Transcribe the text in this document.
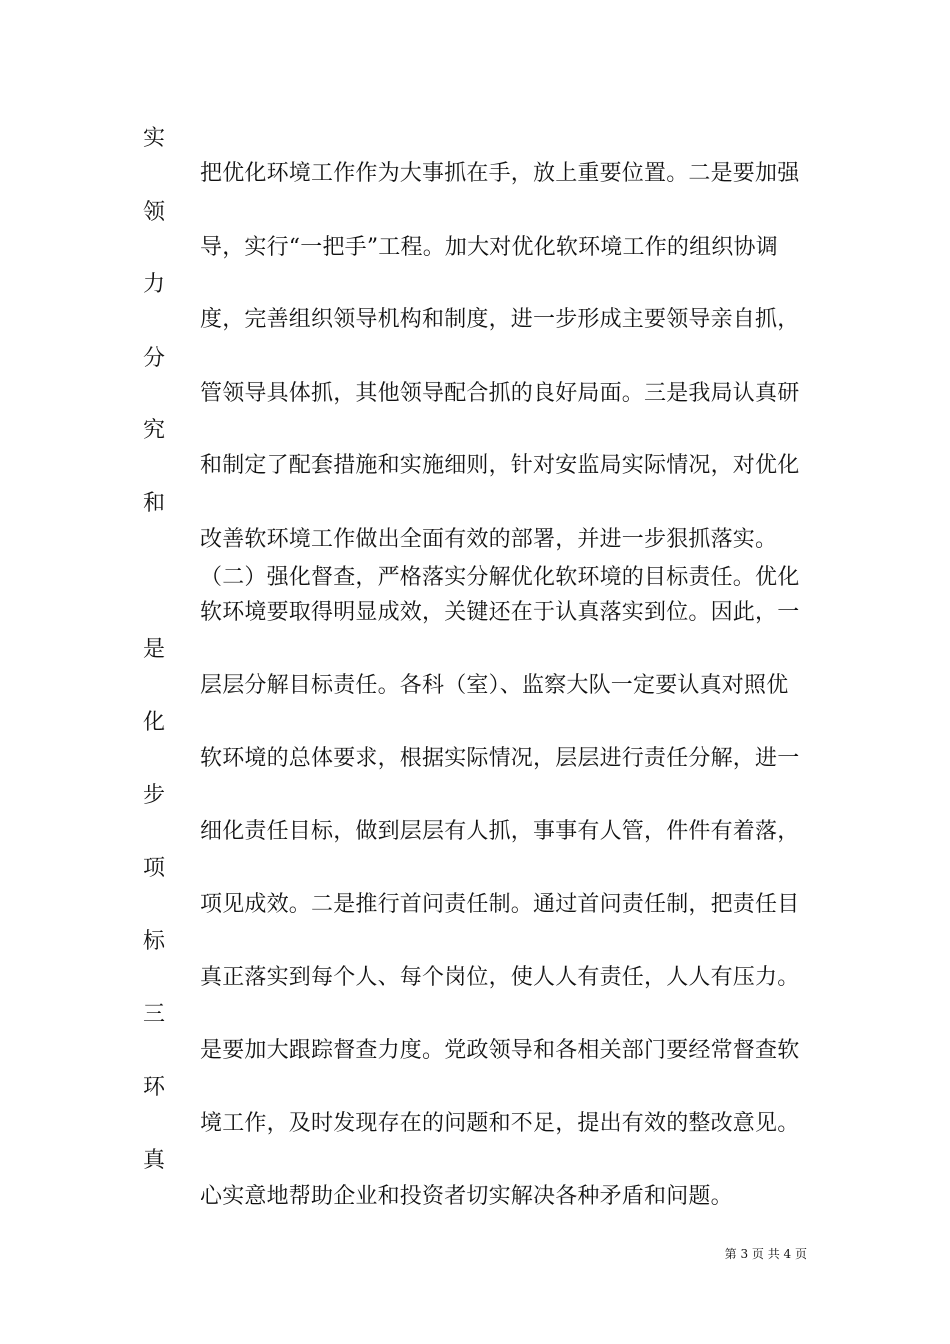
实
领
力
分
究
和
是
化
步
项
标
三
环
真
把优化环境工作作为大事抓在手，放上重要位置。二是要加强
导，实行“一把手”工程。加大对优化软环境工作的组织协调
度，完善组织领导机构和制度，进一步形成主要领导亲自抓，
管领导具体抓，其他领导配合抓的良好局面。三是我局认真研
和制定了配套措施和实施细则，针对安监局实际情况，对优化
改善软环境工作做出全面有效的部署，并进一步狠抓落实。
（二）强化督查，严格落实分解优化软环境的目标责任。优化
软环境要取得明显成效，关键还在于认真落实到位。因此，一
层层分解目标责任。各科（室）、监察大队一定要认真对照优
软环境的总体要求，根据实际情况，层层进行责任分解，进一
细化责任目标，做到层层有人抓，事事有人管，件件有着落，
项见成效。二是推行首问责任制。通过首问责任制，把责任目
真正落实到每个人、每个岗位，使人人有责任，人人有压力。
是要加大跟踪督查力度。党政领导和各相关部门要经常督查软
境工作，及时发现存在的问题和不足，提出有效的整改意见。
心实意地帮助企业和投资者切实解决各种矛盾和问题。
第 3 页 共 4 页
